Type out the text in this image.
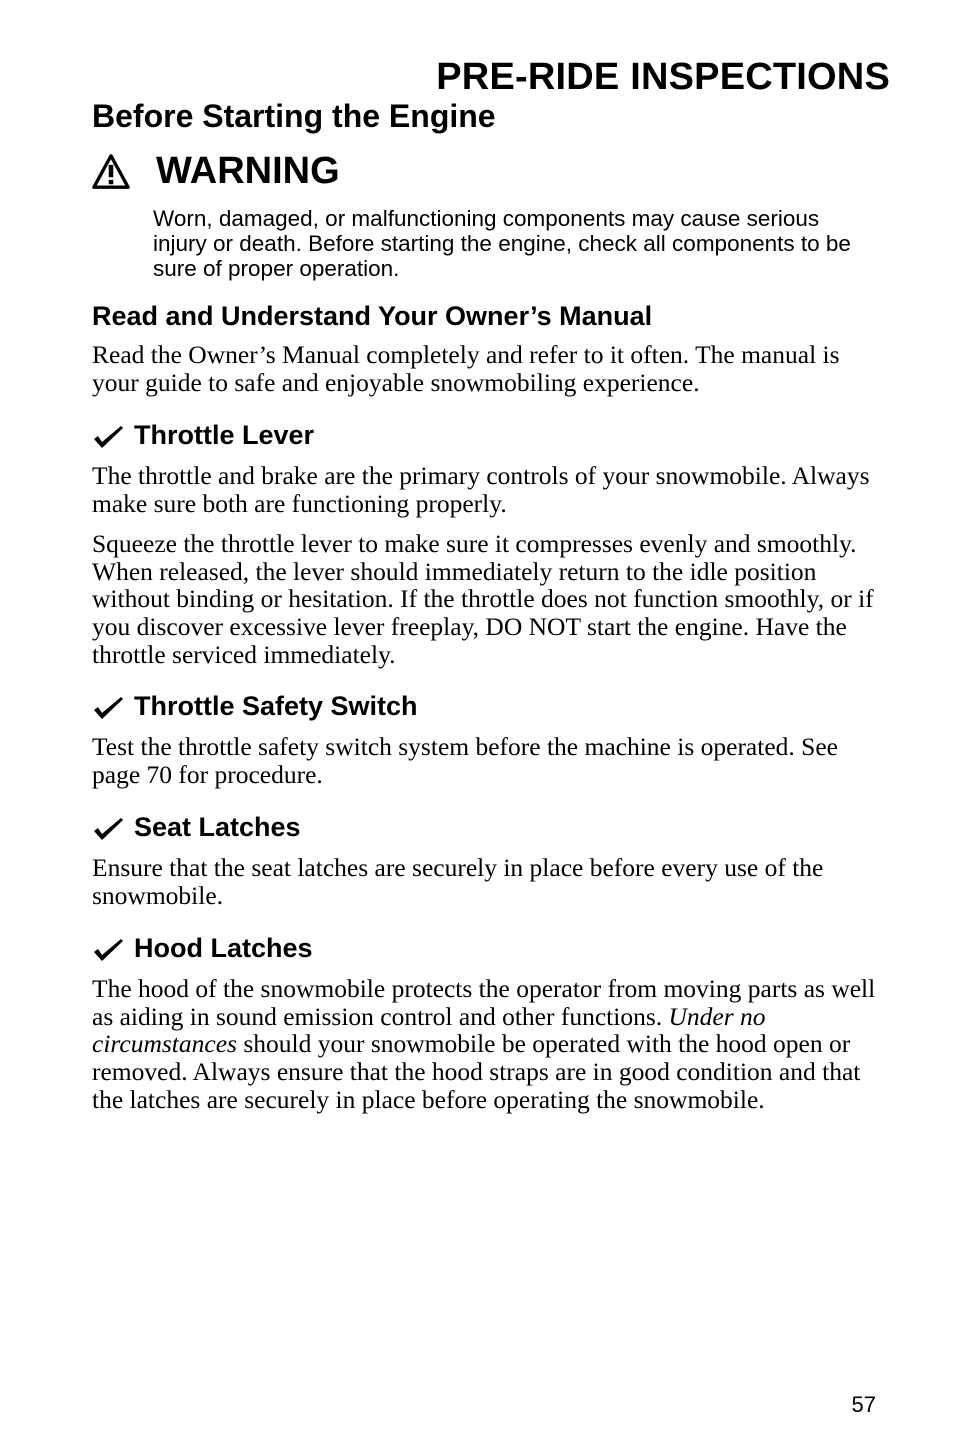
PRE-RIDE INSPECTIONS
Before Starting the Engine
WARNING

Worn, damaged, or malfunctioning components may cause serious injury or death. Before starting the engine, check all components to be sure of proper operation.

Read and Understand Your Owner’s Manual

Read the Owner’s Manual completely and refer to it often. The manual is your guide to safe and enjoyable snowmobiling experience.

Throttle Lever

The throttle and brake are the primary controls of your snowmobile. Always make sure both are functioning properly.

Squeeze the throttle lever to make sure it compresses evenly and smoothly. When released, the lever should immediately return to the idle position without binding or hesitation. If the throttle does not function smoothly, or if you discover excessive lever freeplay, DO NOT start the engine. Have the throttle serviced immediately.

Throttle Safety Switch

Test the throttle safety switch system before the machine is operated. See page 70 for procedure.

Seat Latches

Ensure that the seat latches are securely in place before every use of the snowmobile.

Hood Latches

The hood of the snowmobile protects the operator from moving parts as well as aiding in sound emission control and other functions. Under no circumstances should your snowmobile be operated with the hood open or removed. Always ensure that the hood straps are in good condition and that the latches are securely in place before operating the snowmobile.

57
